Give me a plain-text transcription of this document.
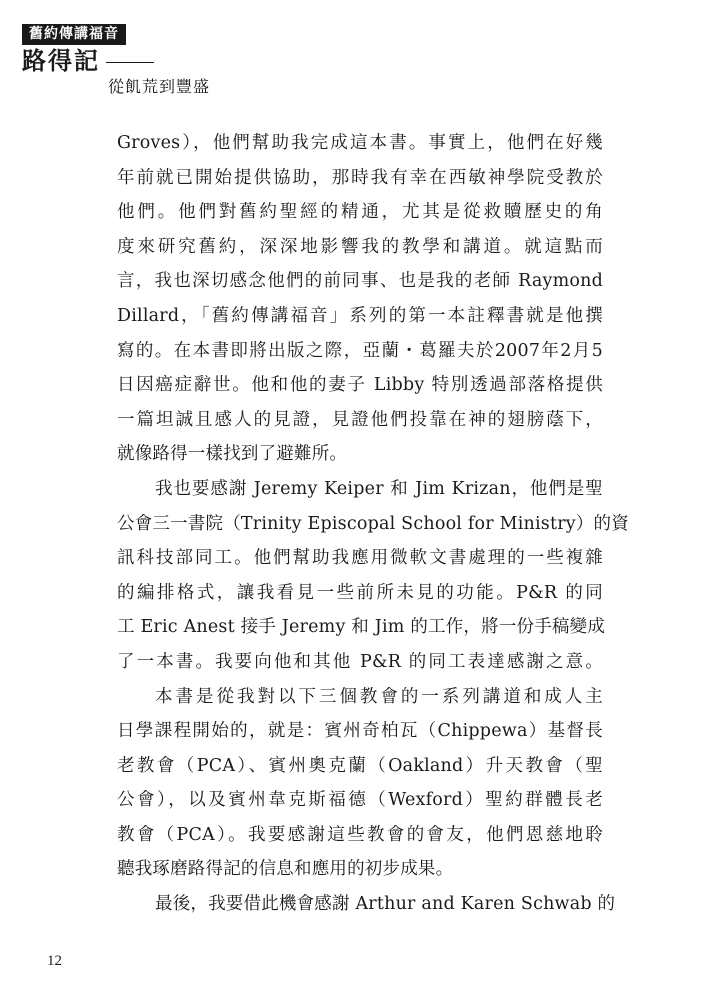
舊約傳講福音
路得記
從飢荒到豐盛
Groves），他們幫助我完成這本書。事實上，他們在好幾
年前就已開始提供協助，那時我有幸在西敏神學院受教於
他們。他們對舊約聖經的精通，尤其是從救贖歷史的角
度來研究舊約，深深地影響我的教學和講道。就這點而
言，我也深切感念他們的前同事、也是我的老師 Raymond
Dillard，「舊約傳講福音」系列的第一本註釋書就是他撰
寫的。在本書即將出版之際，亞蘭・葛羅夫於2007年2月5
日因癌症辭世。他和他的妻子 Libby 特別透過部落格提供
一篇坦誠且感人的見證，見證他們投靠在神的翅膀蔭下，
就像路得一樣找到了避難所。
我也要感謝 Jeremy Keiper 和 Jim Krizan，他們是聖
公會三一書院（Trinity Episcopal School for Ministry）的資
訊科技部同工。他們幫助我應用微軟文書處理的一些複雜
的編排格式，讓我看見一些前所未見的功能。P&R 的同
工 Eric Anest 接手 Jeremy 和 Jim 的工作，將一份手稿變成
了一本書。我要向他和其他 P&R 的同工表達感謝之意。
本書是從我對以下三個教會的一系列講道和成人主
日學課程開始的，就是：賓州奇柏瓦（Chippewa）基督長
老教會（PCA）、賓州奧克蘭（Oakland）升天教會（聖
公會），以及賓州韋克斯福德（Wexford）聖約群體長老
教會（PCA）。我要感謝這些教會的會友，他們恩慈地聆
聽我琢磨路得記的信息和應用的初步成果。
最後，我要借此機會感謝 Arthur and Karen Schwab 的
12
